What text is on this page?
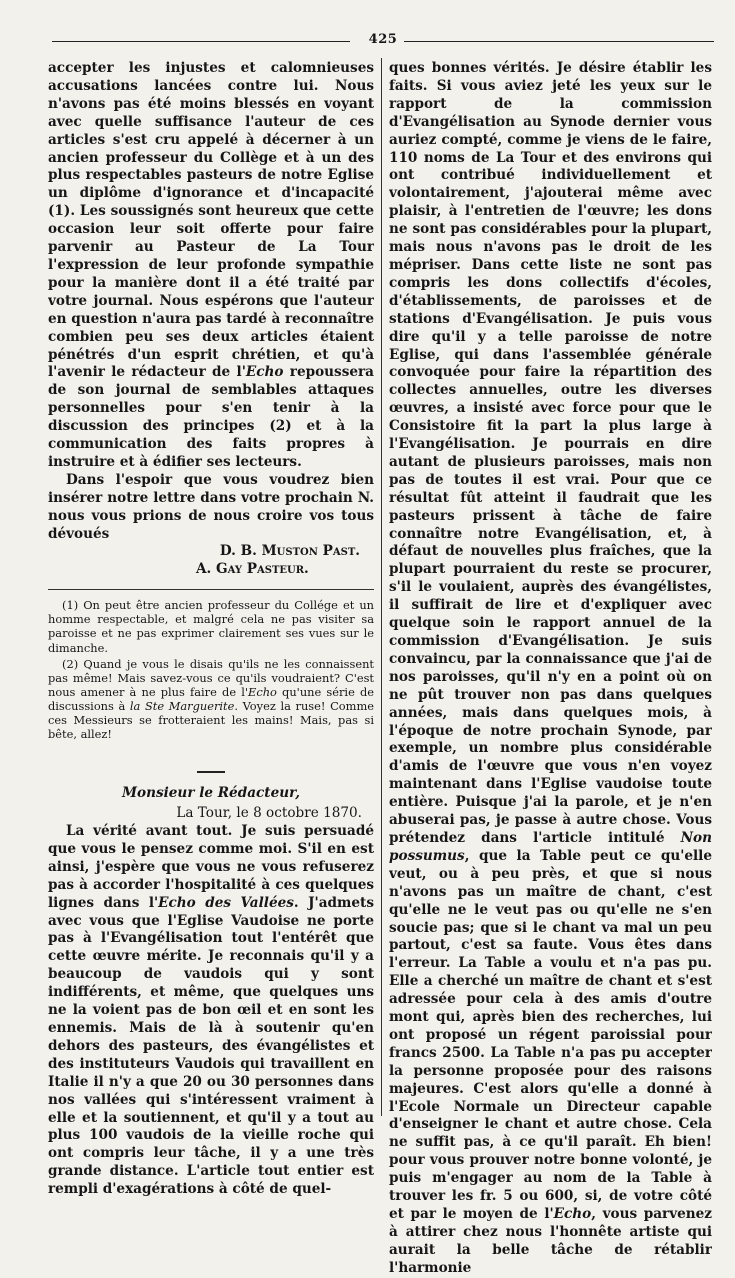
425

accepter les injustes et calomnieuses accusations lancées contre lui. Nous n'avons pas été moins blessés en voyant avec quelle suffisance l'auteur de ces articles s'est cru appelé à décerner à un ancien professeur du Collège et à un des plus respectables pasteurs de notre Eglise un diplôme d'ignorance et d'incapacité (1). Les soussignés sont heureux que cette occasion leur soit offerte pour faire parvenir au Pasteur de La Tour l'expression de leur profonde sympathie pour la manière dont il a été traité par votre journal. Nous espérons que l'auteur en question n'aura pas tardé à reconnaître combien peu ses deux articles étaient pénétrés d'un esprit chrétien, et qu'à l'avenir le rédacteur de l'Echo repoussera de son journal de semblables attaques personnelles pour s'en tenir à la discussion des principes (2) et à la communication des faits propres à instruire et à édifier ses lecteurs.

Dans l'espoir que vous voudrez bien insérer notre lettre dans votre prochain N. nous vous prions de nous croire vos tous dévoués

D. B. Muston Past.
A. Gay Pasteur.

(1) On peut être ancien professeur du Collége et un homme respectable, et malgré cela ne pas visiter sa paroisse et ne pas exprimer clairement ses vues sur le dimanche.

(2) Quand je vous le disais qu'ils ne les connaissent pas même! Mais savez-vous ce qu'ils voudraient? C'est nous amener à ne plus faire de l'Echo qu'une série de discussions à la Ste Marguerite. Voyez la ruse! Comme ces Messieurs se frotteraient les mains! Mais, pas si bête, allez!

Monsieur le Rédacteur,
La Tour, le 8 octobre 1870.

La vérité avant tout. Je suis persuadé que vous le pensez comme moi. S'il en est ainsi, j'espère que vous ne vous refuserez pas à accorder l'hospitalité à ces quelques lignes dans l'Echo des Vallées. J'admets avec vous que l'Eglise Vaudoise ne porte pas à l'Evangélisation tout l'entérêt que cette œuvre mérite. Je reconnais qu'il y a beaucoup de vaudois qui y sont indifférents, et même, que quelques uns ne la voient pas de bon œil et en sont les ennemis. Mais de là à soutenir qu'en dehors des pasteurs, des évangélistes et des instituteurs Vaudois qui travaillent en Italie il n'y a que 20 ou 30 personnes dans nos vallées qui s'intéressent vraiment à elle et la soutiennent, et qu'il y a tout au plus 100 vaudois de la vieille roche qui ont compris leur tâche, il y a une très grande distance. L'article tout entier est rempli d'exagérations à côté de quel-

ques bonnes vérités. Je désire établir les faits. Si vous aviez jeté les yeux sur le rapport de la commission d'Evangélisation au Synode dernier vous auriez compté, comme je viens de le faire, 110 noms de La Tour et des environs qui ont contribué individuellement et volontairement, j'ajouterai même avec plaisir, à l'entretien de l'œuvre; les dons ne sont pas considérables pour la plupart, mais nous n'avons pas le droit de les mépriser. Dans cette liste ne sont pas compris les dons collectifs d'écoles, d'établissements, de paroisses et de stations d'Evangélisation. Je puis vous dire qu'il y a telle paroisse de notre Eglise, qui dans l'assemblée générale convoquée pour faire la répartition des collectes annuelles, outre les diverses œuvres, a insisté avec force pour que le Consistoire fit la part la plus large à l'Evangélisation. Je pourrais en dire autant de plusieurs paroisses, mais non pas de toutes il est vrai. Pour que ce résultat fût atteint il faudrait que les pasteurs prissent à tâche de faire connaître notre Evangélisation, et, à défaut de nouvelles plus fraîches, que la plupart pourraient du reste se procurer, s'il le voulaient, auprès des évangélistes, il suffirait de lire et d'expliquer avec quelque soin le rapport annuel de la commission d'Evangélisation. Je suis convaincu, par la connaissance que j'ai de nos paroisses, qu'il n'y en a point où on ne pût trouver non pas dans quelques années, mais dans quelques mois, à l'époque de notre prochain Synode, par exemple, un nombre plus considérable d'amis de l'œuvre que vous n'en voyez maintenant dans l'Eglise vaudoise toute entière. Puisque j'ai la parole, et je n'en abuserai pas, je passe à autre chose. Vous prétendez dans l'article intitulé Non possumus, que la Table peut ce qu'elle veut, ou à peu près, et que si nous n'avons pas un maître de chant, c'est qu'elle ne le veut pas ou qu'elle ne s'en soucie pas; que si le chant va mal un peu partout, c'est sa faute. Vous êtes dans l'erreur. La Table a voulu et n'a pas pu. Elle a cherché un maître de chant et s'est adressée pour cela à des amis d'outre mont qui, après bien des recherches, lui ont proposé un régent paroissial pour francs 2500. La Table n'a pas pu accepter la personne proposée pour des raisons majeures. C'est alors qu'elle a donné à l'Ecole Normale un Directeur capable d'enseigner le chant et autre chose. Cela ne suffit pas, à ce qu'il paraît. Eh bien! pour vous prouver notre bonne volonté, je puis m'engager au nom de la Table à trouver les fr. 5 ou 600, si, de votre côté et par le moyen de l'Echo, vous parvenez à attirer chez nous l'honnête artiste qui aurait la belle tâche de rétablir l'harmonie
